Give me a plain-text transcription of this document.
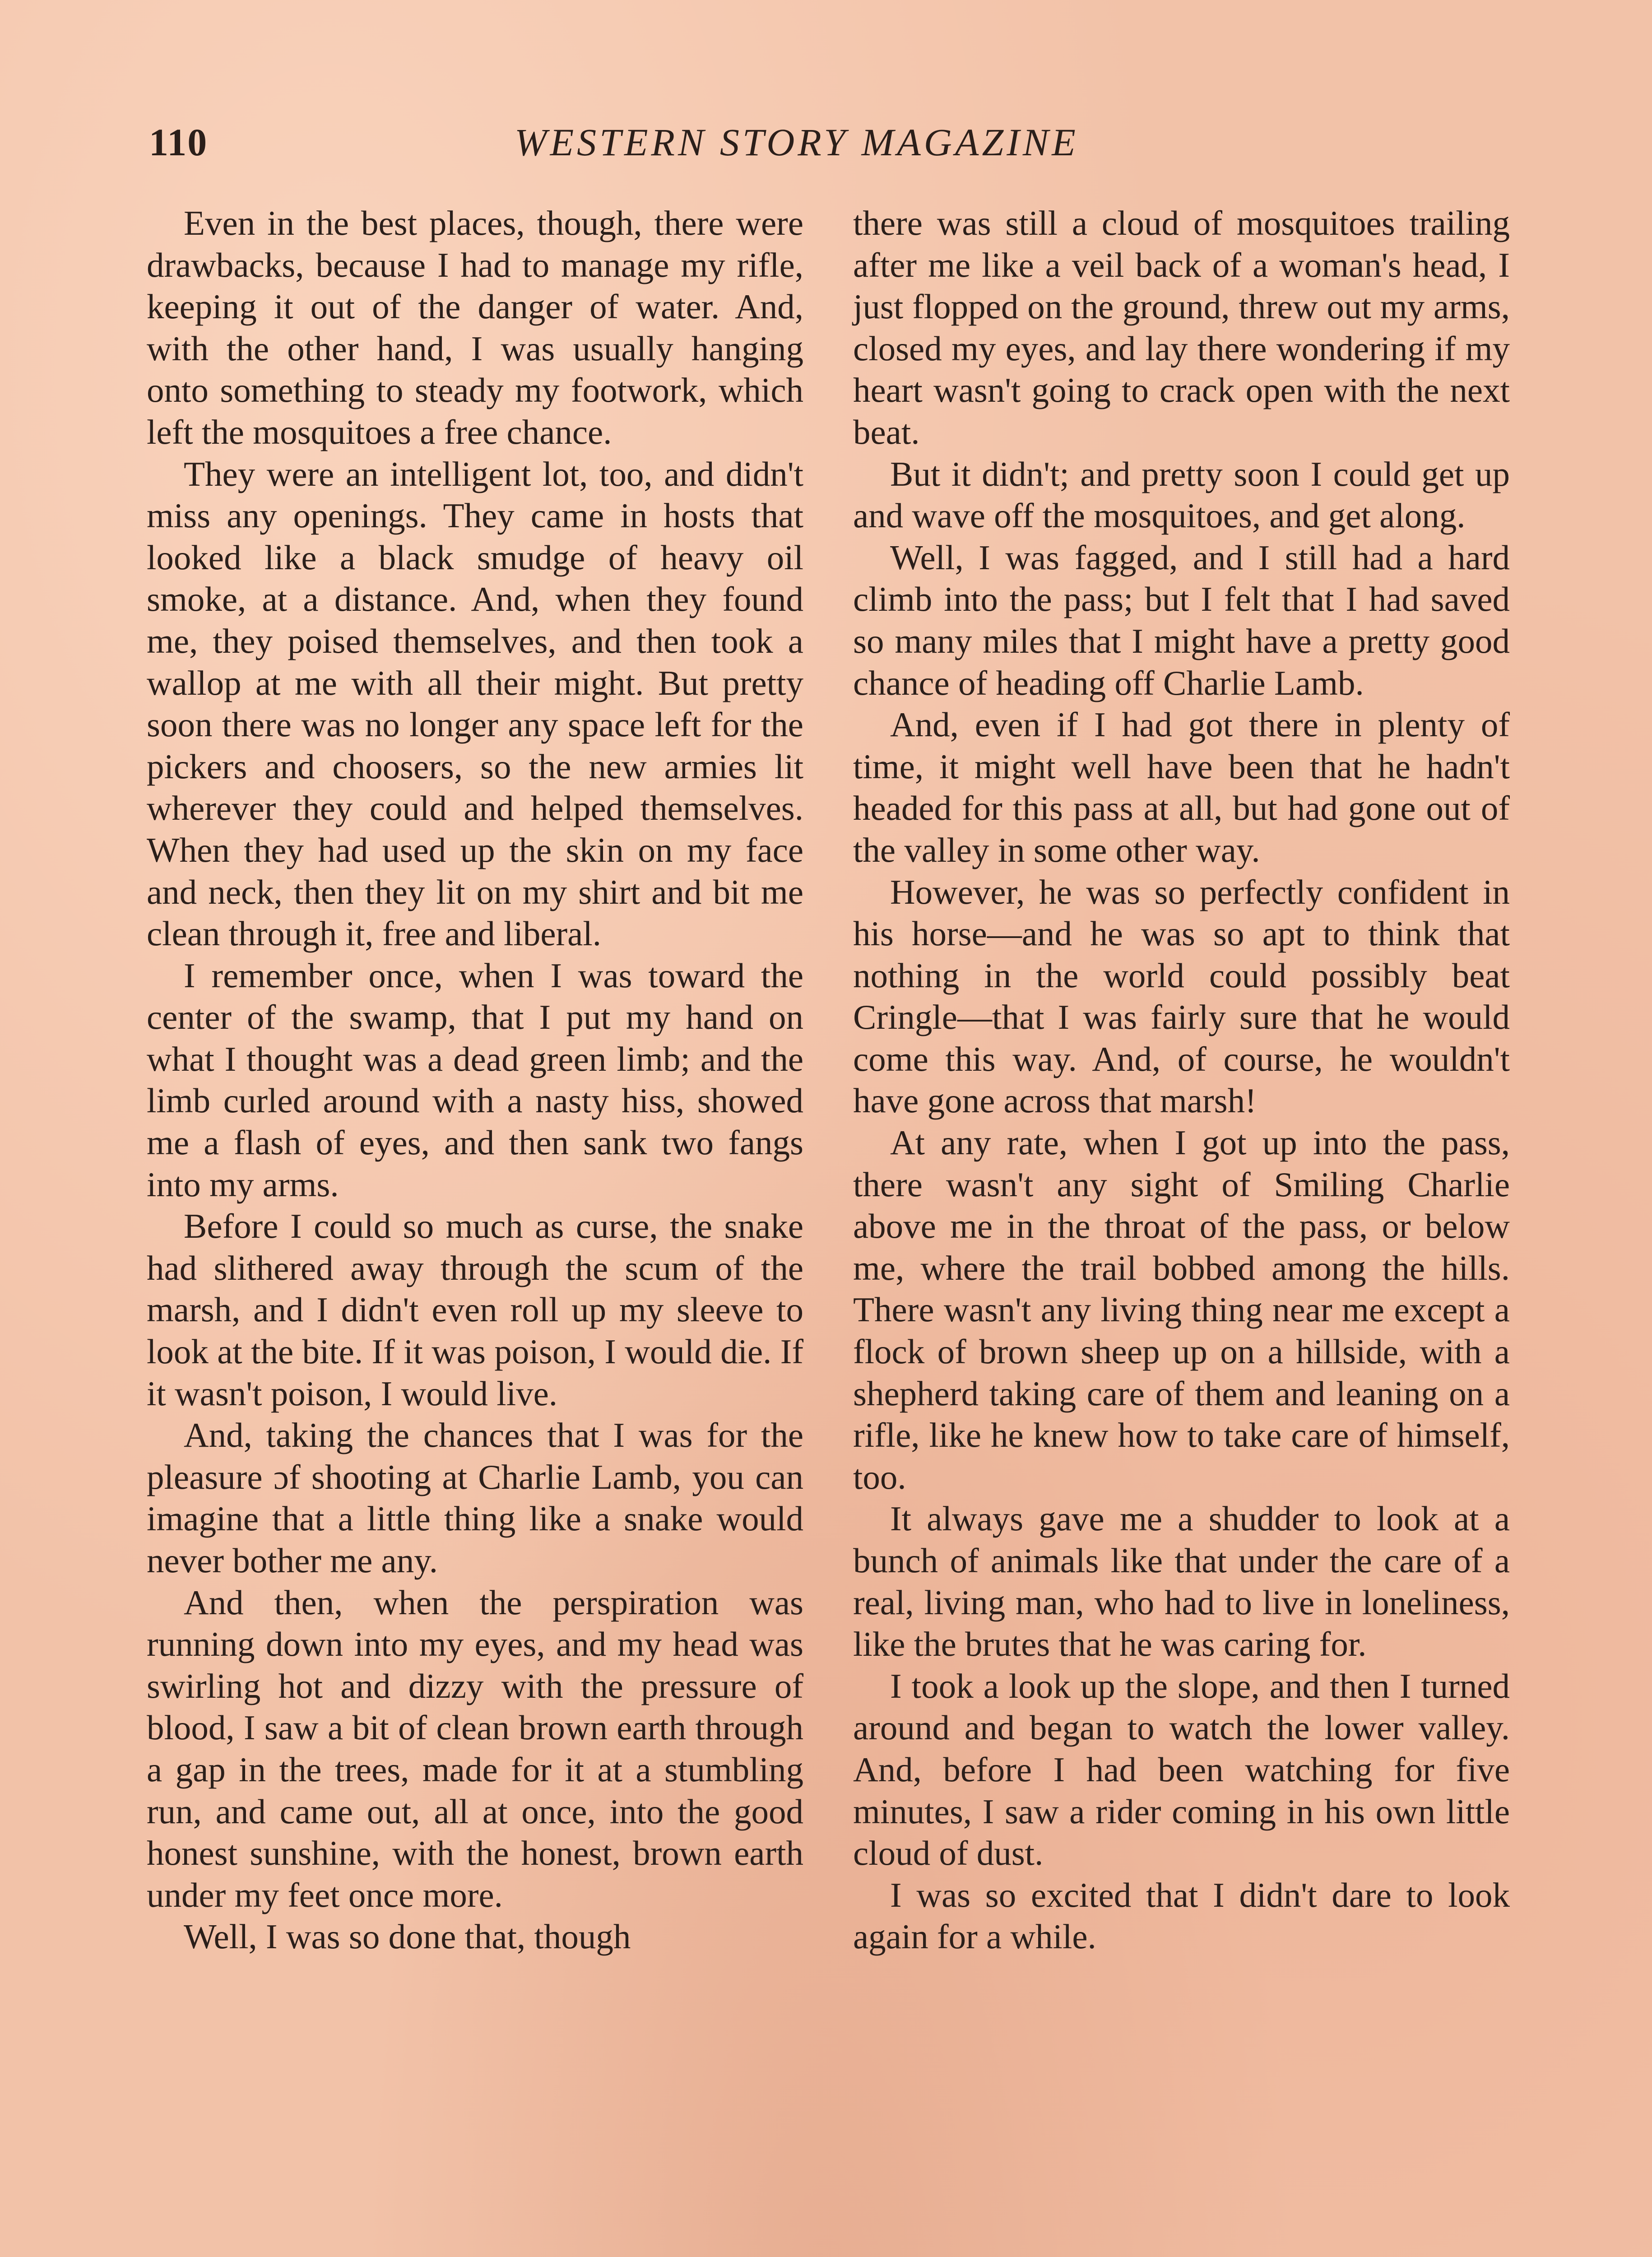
110	WESTERN STORY MAGAZINE

Even in the best places, though, there were drawbacks, because I had to manage my rifle, keeping it out of the danger of water. And, with the other hand, I was usually hanging onto something to steady my footwork, which left the mosquitoes a free chance.

They were an intelligent lot, too, and didn't miss any openings. They came in hosts that looked like a black smudge of heavy oil smoke, at a distance. And, when they found me, they poised themselves, and then took a wallop at me with all their might. But pretty soon there was no longer any space left for the pickers and choosers, so the new armies lit wherever they could and helped themselves. When they had used up the skin on my face and neck, then they lit on my shirt and bit me clean through it, free and liberal.

I remember once, when I was toward the center of the swamp, that I put my hand on what I thought was a dead green limb; and the limb curled around with a nasty hiss, showed me a flash of eyes, and then sank two fangs into my arms.

Before I could so much as curse, the snake had slithered away through the scum of the marsh, and I didn't even roll up my sleeve to look at the bite. If it was poison, I would die. If it wasn't poison, I would live.

And, taking the chances that I was for the pleasure ɔf shooting at Charlie Lamb, you can imagine that a little thing like a snake would never bother me any.

And then, when the perspiration was running down into my eyes, and my head was swirling hot and dizzy with the pressure of blood, I saw a bit of clean brown earth through a gap in the trees, made for it at a stumbling run, and came out, all at once, into the good honest sunshine, with the honest, brown earth under my feet once more.

Well, I was so done that, though

there was still a cloud of mosquitoes trailing after me like a veil back of a woman's head, I just flopped on the ground, threw out my arms, closed my eyes, and lay there wondering if my heart wasn't going to crack open with the next beat.

But it didn't; and pretty soon I could get up and wave off the mosquitoes, and get along.

Well, I was fagged, and I still had a hard climb into the pass; but I felt that I had saved so many miles that I might have a pretty good chance of heading off Charlie Lamb.

And, even if I had got there in plenty of time, it might well have been that he hadn't headed for this pass at all, but had gone out of the valley in some other way.

However, he was so perfectly confident in his horse—and he was so apt to think that nothing in the world could possibly beat Cringle—that I was fairly sure that he would come this way. And, of course, he wouldn't have gone across that marsh!

At any rate, when I got up into the pass, there wasn't any sight of Smiling Charlie above me in the throat of the pass, or below me, where the trail bobbed among the hills. There wasn't any living thing near me except a flock of brown sheep up on a hillside, with a shepherd taking care of them and leaning on a rifle, like he knew how to take care of himself, too.

It always gave me a shudder to look at a bunch of animals like that under the care of a real, living man, who had to live in loneliness, like the brutes that he was caring for.

I took a look up the slope, and then I turned around and began to watch the lower valley. And, before I had been watching for five minutes, I saw a rider coming in his own little cloud of dust.

I was so excited that I didn't dare to look again for a while.
